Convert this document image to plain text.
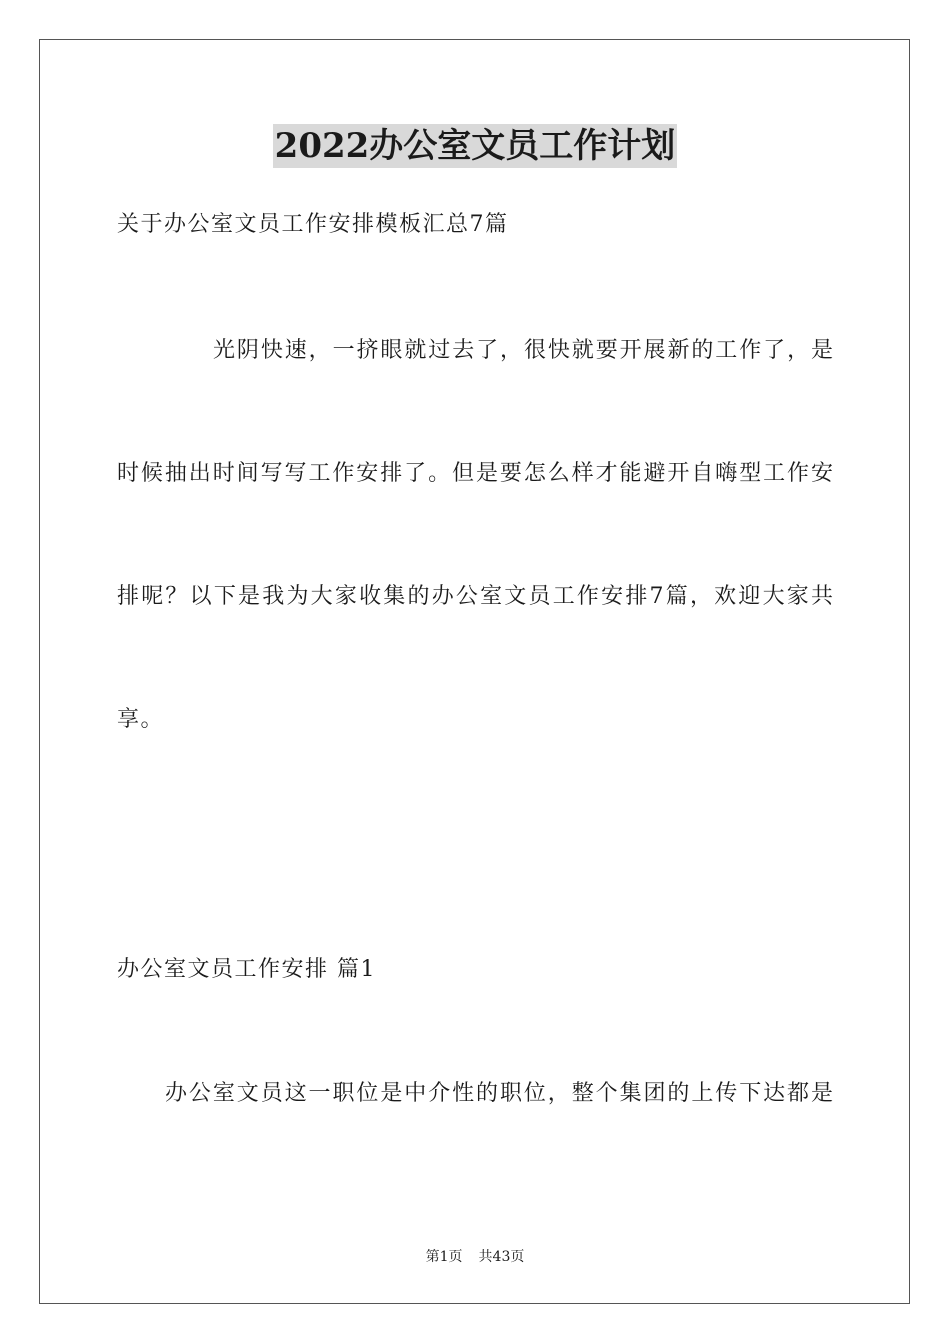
2022办公室文员工作计划
关于办公室文员工作安排模板汇总7篇
光阴快速，一挤眼就过去了，很快就要开展新的工作了，是
时候抽出时间写写工作安排了。但是要怎么样才能避开自嗨型工作安
排呢？以下是我为大家收集的办公室文员工作安排7篇，欢迎大家共
享。
办公室文员工作安排 篇1
办公室文员这一职位是中介性的职位，整个集团的上传下达都是
第1页 共43页
